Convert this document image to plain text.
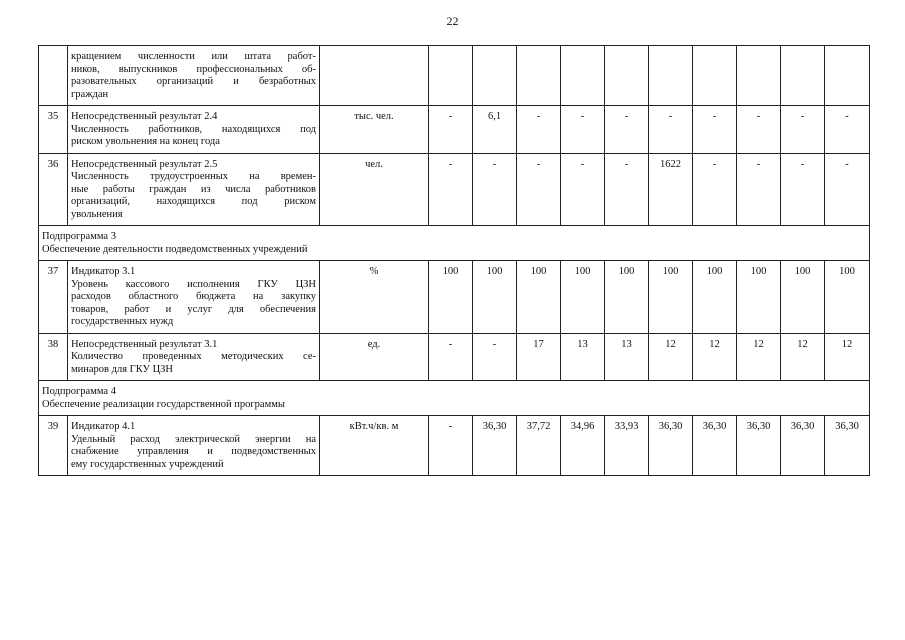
22

	кращением численности или штата работ-
ников, выпускников профессиональных об-
разовательных организаций и безработных
граждан											

35	Непосредственный результат 2.4
Численность работников, находящихся под
риском увольнения на конец года	тыс. чел.	-	6,1	-	-	-	-	-	-	-	-
36	Непосредственный результат 2.5
Численность трудоустроенных на времен-
ные работы граждан из числа работников
организаций, находящихся под риском
увольнения	чел.	-	-	-	-	-	1622	-	-	-	-

Подпрограмма 3
Обеспечение деятельности подведомственных учреждений												

37	Индикатор 3.1
Уровень кассового исполнения ГКУ ЦЗН
расходов областного бюджета на закупку
товаров, работ и услуг для обеспечения
государственных нужд	%	100	100	100	100	100	100	100	100	100	100
38	Непосредственный результат 3.1
Количество проведенных методических се-
минаров для ГКУ ЦЗН	ед.	-	-	17	13	13	12	12	12	12	12

Подпрограмма 4
Обеспечение реализации государственной программы												

39	Индикатор 4.1
Удельный расход электрической энергии на
снабжение управления и подведомственных
ему государственных учреждений	кВт.ч/кв. м	-	36,30	37,72	34,96	33,93	36,30	36,30	36,30	36,30	36,30
